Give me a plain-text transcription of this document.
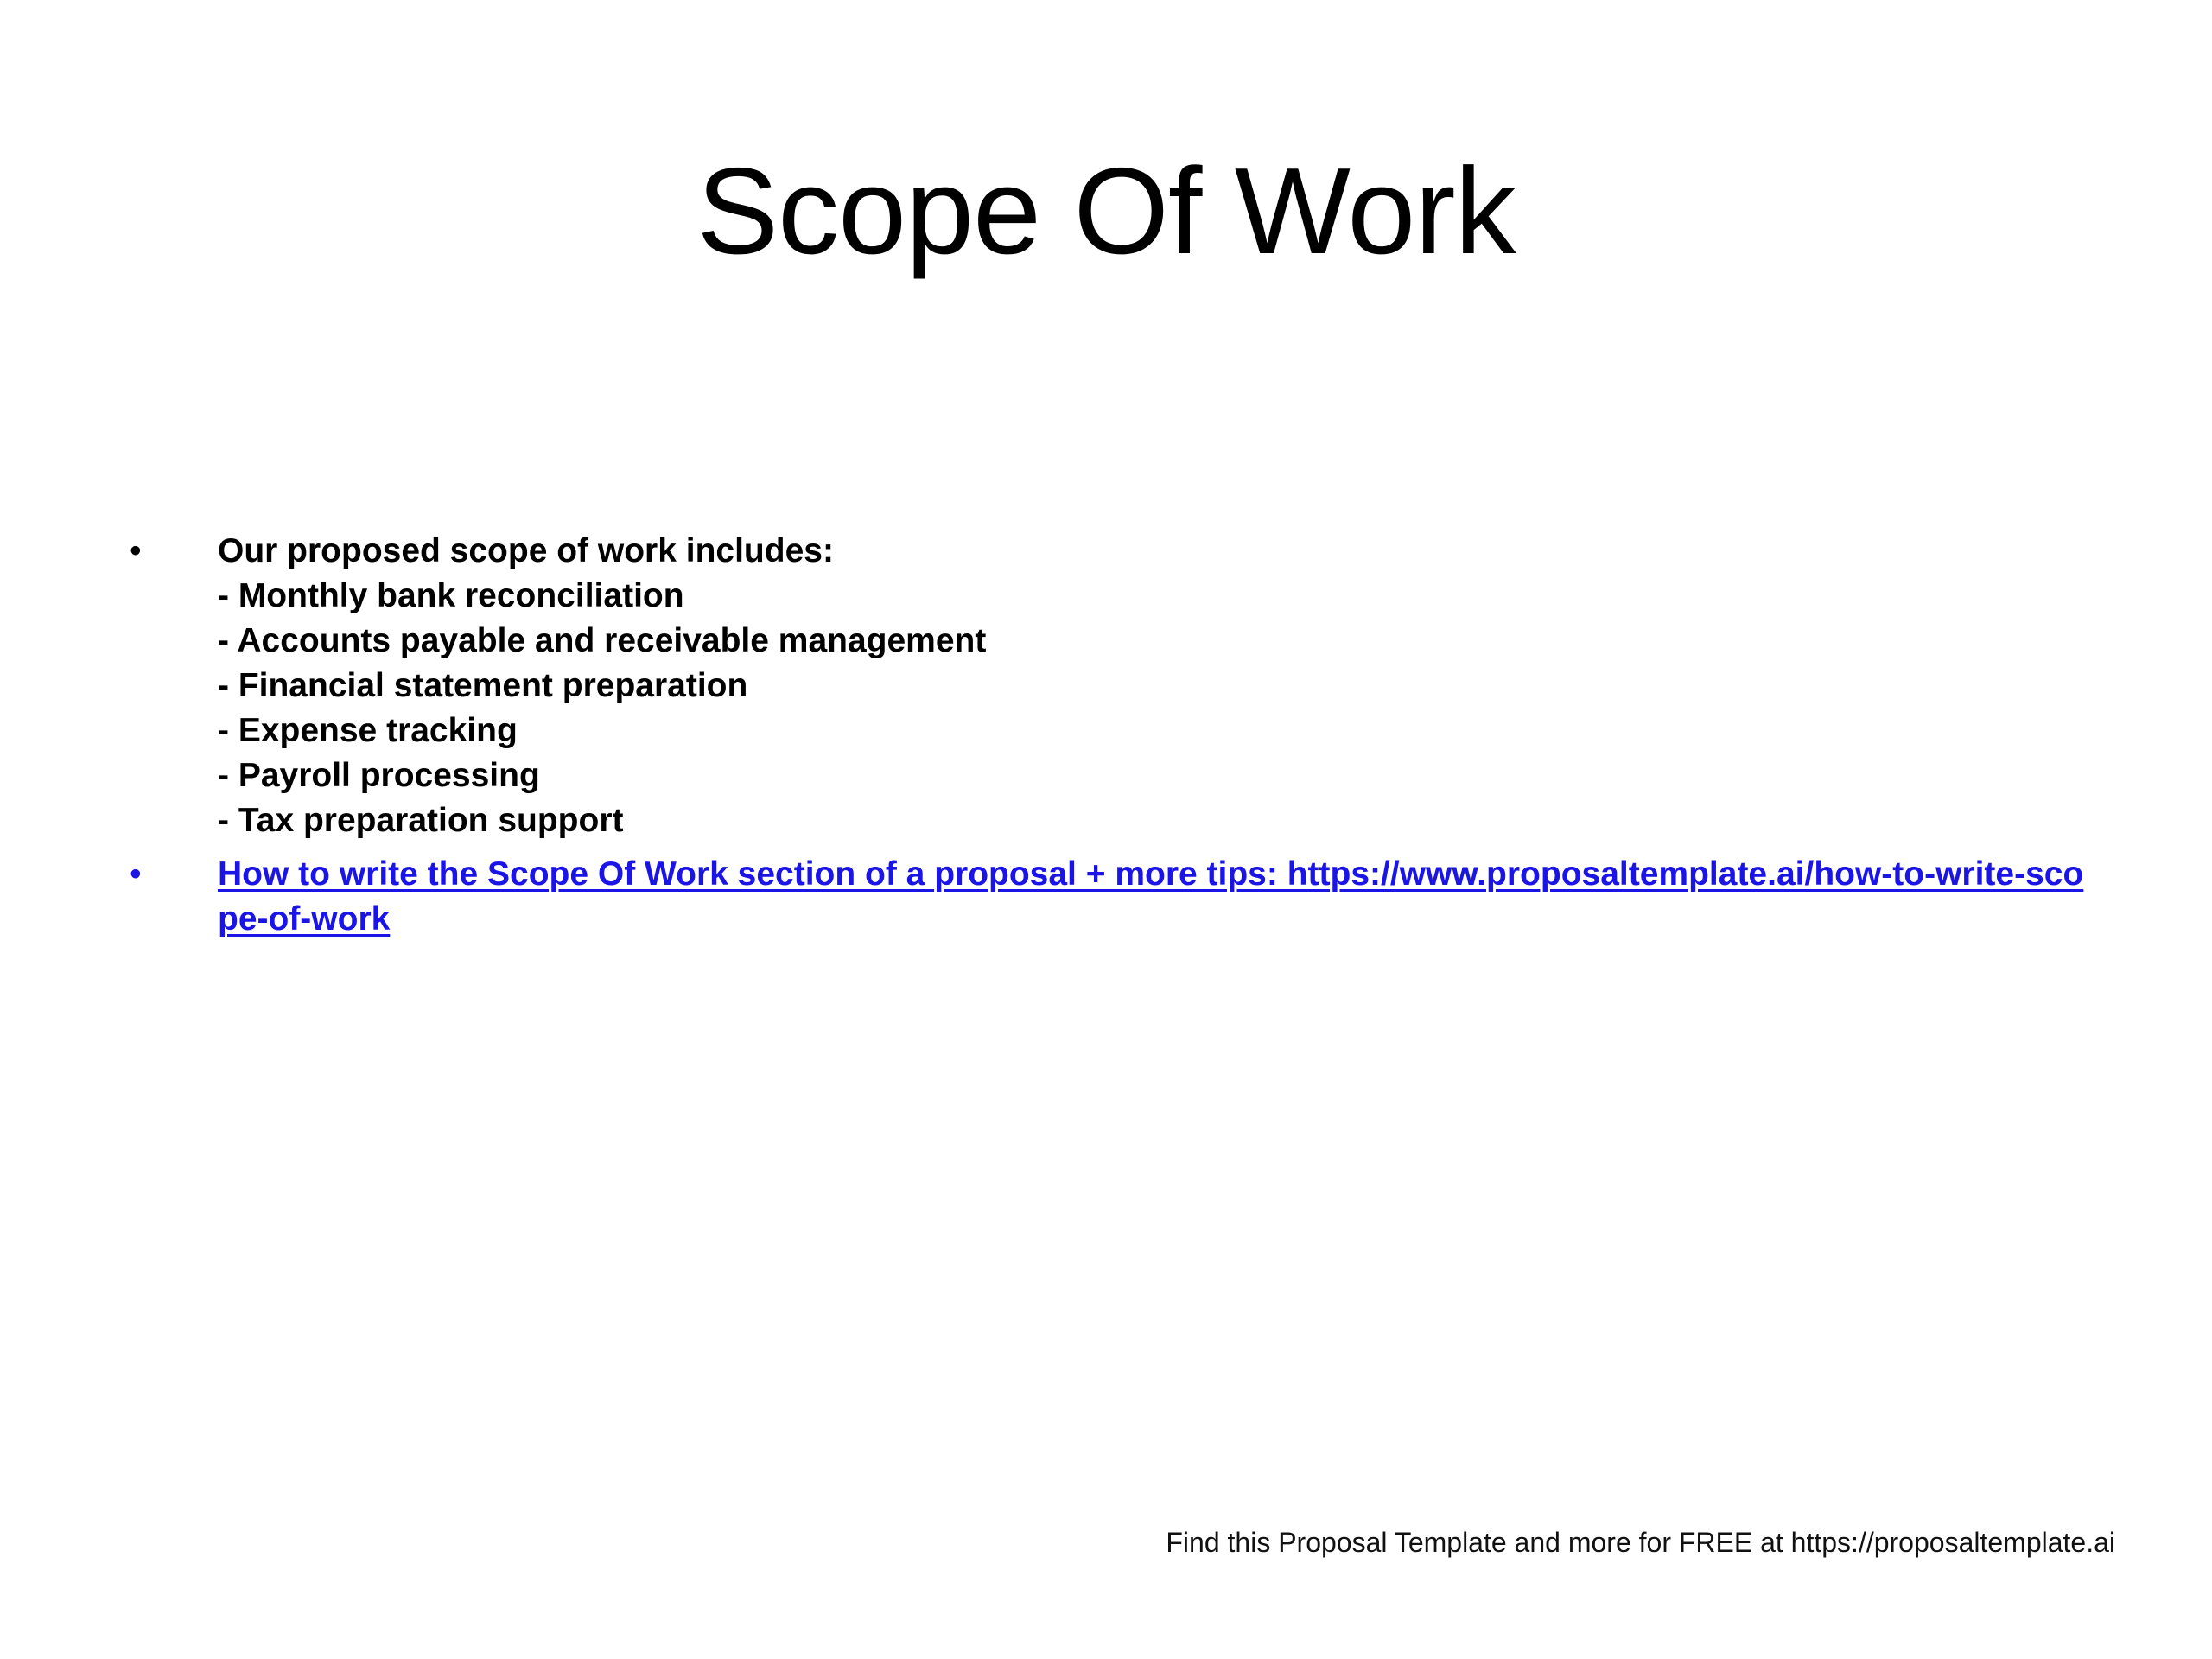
Scope Of Work
•	Our proposed scope of work includes:
- Monthly bank reconciliation
- Accounts payable and receivable management
- Financial statement preparation
- Expense tracking
- Payroll processing
- Tax preparation support
•	How to write the Scope Of Work section of a proposal + more tips: https://www.proposaltemplate.ai/how-to-write-scope-of-work
Find this Proposal Template and more for FREE at https://proposaltemplate.ai
